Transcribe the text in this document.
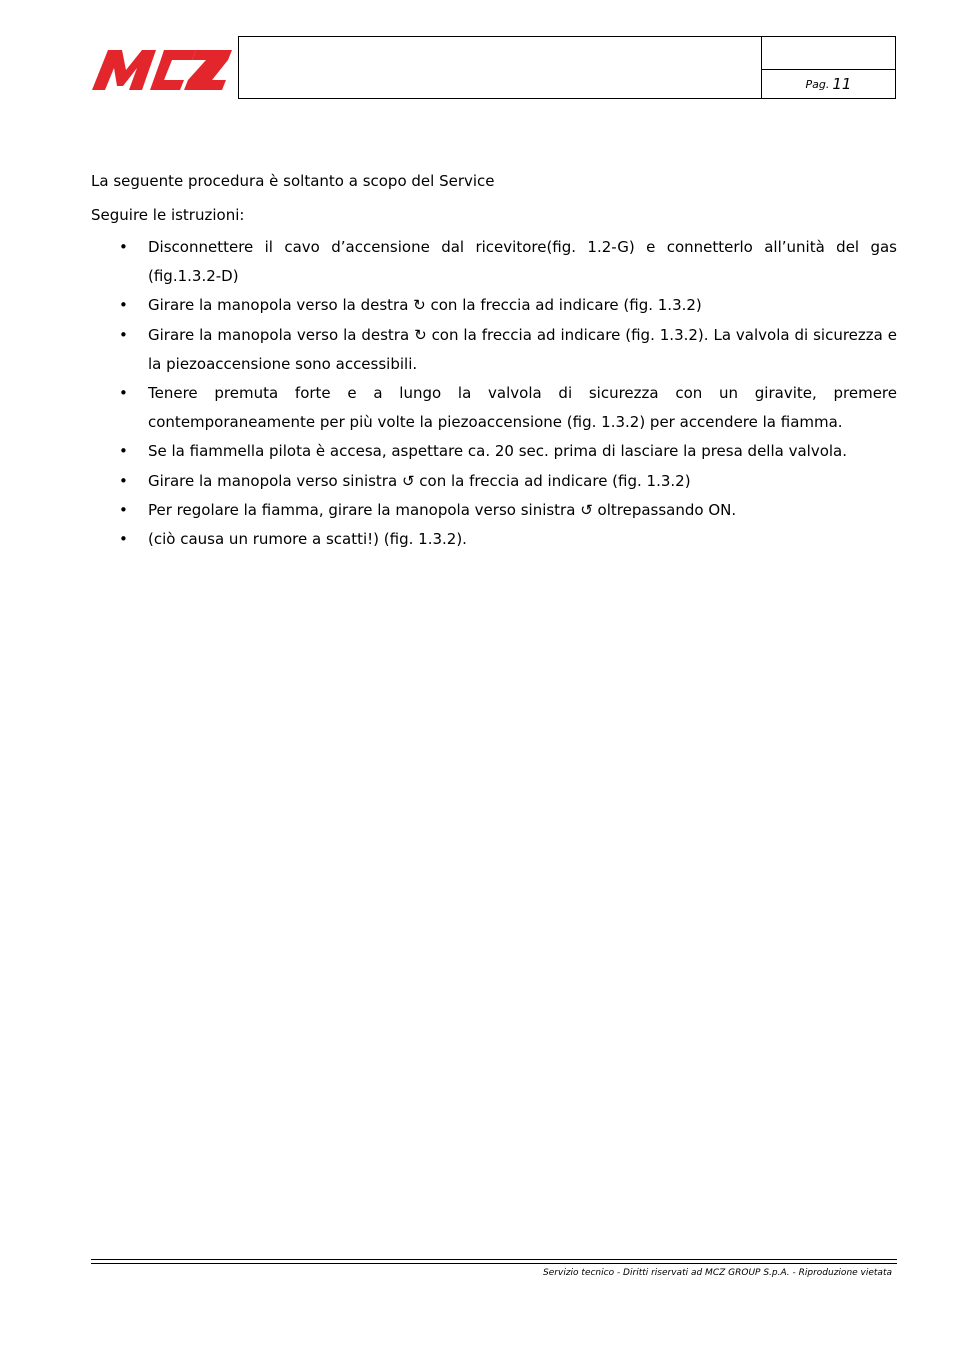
Pag. 11

La seguente procedura è soltanto a scopo del Service

Seguire le istruzioni:

• Disconnettere il cavo d’accensione dal ricevitore(fig. 1.2-G) e connetterlo all’unità del gas (fig.1.3.2-D)
• Girare la manopola verso la destra ↻ con la freccia ad indicare (fig. 1.3.2)
• Girare la manopola verso la destra ↻ con la freccia ad indicare (fig. 1.3.2). La valvola di sicurezza e la piezoaccensione sono accessibili.
• Tenere premuta forte e a lungo la valvola di sicurezza con un giravite, premere contemporaneamente per più volte la piezoaccensione (fig. 1.3.2) per accendere la fiamma.
• Se la fiammella pilota è accesa, aspettare ca. 20 sec. prima di lasciare la presa della valvola.
• Girare la manopola verso sinistra ↺ con la freccia ad indicare (fig. 1.3.2)
• Per regolare la fiamma, girare la manopola verso sinistra ↺ oltrepassando ON.
• (ciò causa un rumore a scatti!) (fig. 1.3.2).
Servizio tecnico - Diritti riservati ad MCZ GROUP S.p.A. - Riproduzione vietata
